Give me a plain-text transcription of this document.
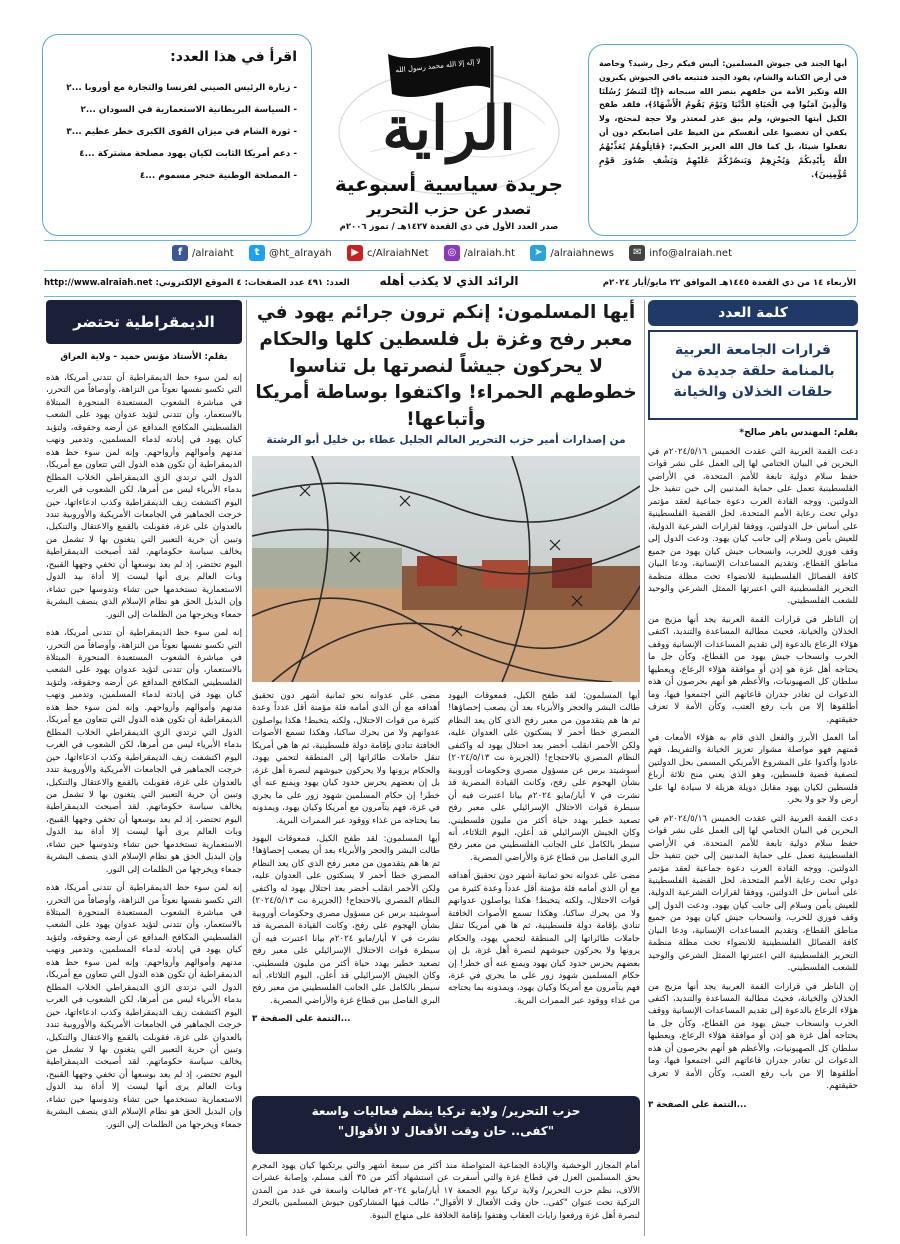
اقرأ في هذا العدد:
- زيارة الرئيس الصيني لفرنسا والتجارة مع أوروبا ...٢
- السياسة البريطانية الاستعمارية في السودان ...٢
- ثورة الشام في ميزان القوى الكبرى خطر عظيم ...٣
- دعم أمريكا الثابت لكيان يهود مصلحة مشتركة ...٤
- المصلحة الوطنية خنجر مسموم ...٤
لا إله إلا الله محمد رسول الله
الراية
جريدة سياسية أسبوعية
تصدر عن حزب التحرير
صدر العدد الأول في ذي القعدة ١٤٢٧هـ / تموز ٢٠٠٦م
أيها الجند في جيوش المسلمين: أليس فيكم رجل رشيد؟ وخاصة في أرض الكنانة والشام، يقود الجند فتتبعه باقي الجيوش يكبرون الله وتكبر الأمة من خلفهم بنصر الله سبحانه ﴿إِنَّا لَنَنصُرُ رُسُلَنَا وَالَّذِينَ آمَنُوا فِي الْحَيَاةِ الدُّنْيَا وَيَوْمَ يَقُومُ الْأَشْهَادُ﴾، فلقد طفح الكيل أيتها الجيوش، ولم يبق عذر لمعتذر ولا حجة لمحتج، ولا يكفي أن تغضبوا على أنفسكم من الغيظ على أصابعكم دون أن تفعلوا شيئا، بل كما قال الله العزيز الحكيم: ﴿قَاتِلُوهُمْ يُعَذِّبْهُمُ اللَّهُ بِأَيْدِيكُمْ وَيُخْزِهِمْ وَيَنصُرْكُمْ عَلَيْهِمْ وَيَشْفِ صُدُورَ قَوْمٍ مُّؤْمِنِينَ﴾.
f /alraiaht	t @ht_alrayah	▶ c/AlraiahNet	◎ /alraiah.ht	➤ /alraiahnews	✉ info@alraiah.net
الأربعاء ١٤ من ذي القعدة ١٤٤٥هـ الموافق ٢٢ مايو/أيار ٢٠٢٤م
الرائد الذي لا يكذب أهله
العدد: ٤٩١ عدد الصفحات: ٤ الموقع الإلكتروني: http://www.alraiah.net
كلمة العدد
قرارات الجامعة العربية بالمنامة حلقة جديدة من حلقات الخذلان والخيانة
بقلم: المهندس باهر صالح*

دعت القمة العربية التي عقدت الخميس ٢٠٢٤/٥/١٦م في البحرين في البيان الختامي لها إلى العمل على نشر قوات حفظ سلام دولية تابعة للأمم المتحدة، في الأراضي الفلسطينية تعمل على حماية المدنيين إلى حين تنفيذ حل الدولتين. ووجه القادة العرب دعوة جماعية لعقد مؤتمر دولي تحت رعاية الأمم المتحدة، لحل القضية الفلسطينية على أساس حل الدولتين، ووفقا لقرارات الشرعية الدولية، للعيش بأمن وسلام إلى جانب كيان يهود. ودعت الدول إلى وقف فوري للحرب، وانسحاب جيش كيان يهود من جميع مناطق القطاع، وتقديم المساعدات الإنسانية، ودعا البيان كافة الفصائل الفلسطينية للانضواء تحت مظلة منظمة التحرير الفلسطينية التي اعتبرتها الممثل الشرعي والوحيد للشعب الفلسطيني.

إن الناظر في قرارات القمة العربية يجد أنها مزيج من الخذلان والخيانة، فحيث مطالبة المساعدة والتنديد، اكتفى هؤلاء الرعاع بالدعوة إلى تقديم المساعدات الإنسانية ووقف الحرب وانسحاب جيش يهود من القطاع، وكأن جل ما يحتاجه أهل غزة هو إذن أو موافقة هؤلاء الرعاع، ويعطيها سلطان كل الصهيونيات، والأعظم هو أنهم بحرصون أن هذه الدعوات لن تغادر جدران قاعاتهم التي اجتمعوا فيها، وما أطلقوها إلا من باب رفع العتب، وكأن الأمة لا تعرف حقيقتهم.

أما العمل الأبرز والفعل الذي قام به هؤلاء الأمعات في قمتهم فهو مواصلة مشوار تعزيز الخيانة والتفريط، فهم عادوا وأكدوا على المشروع الأمريكي المسمى بحل الدولتين لتصفية قضية فلسطين، وهو الذي يعني منح ثلاثة أرباع فلسطين لكيان يهود مقابل دويلة هزيلة لا سيادة لها على أرض ولا جو ولا بحر.

دعت القمة العربية التي عقدت الخميس ٢٠٢٤/٥/١٦م في البحرين في البيان الختامي لها إلى العمل على نشر قوات حفظ سلام دولية تابعة للأمم المتحدة، في الأراضي الفلسطينية تعمل على حماية المدنيين إلى حين تنفيذ حل الدولتين. ووجه القادة العرب دعوة جماعية لعقد مؤتمر دولي تحت رعاية الأمم المتحدة، لحل القضية الفلسطينية على أساس حل الدولتين، ووفقا لقرارات الشرعية الدولية، للعيش بأمن وسلام إلى جانب كيان يهود. ودعت الدول إلى وقف فوري للحرب، وانسحاب جيش كيان يهود من جميع مناطق القطاع، وتقديم المساعدات الإنسانية، ودعا البيان كافة الفصائل الفلسطينية للانضواء تحت مظلة منظمة التحرير الفلسطينية التي اعتبرتها الممثل الشرعي والوحيد للشعب الفلسطيني.

إن الناظر في قرارات القمة العربية يجد أنها مزيج من الخذلان والخيانة، فحيث مطالبة المساعدة والتنديد، اكتفى هؤلاء الرعاع بالدعوة إلى تقديم المساعدات الإنسانية ووقف الحرب وانسحاب جيش يهود من القطاع، وكأن جل ما يحتاجه أهل غزة هو إذن أو موافقة هؤلاء الرعاع، ويعطيها سلطان كل الصهيونيات، والأعظم هو أنهم بحرصون أن هذه الدعوات لن تغادر جدران قاعاتهم التي اجتمعوا فيها، وما أطلقوها إلا من باب رفع العتب، وكأن الأمة لا تعرف حقيقتهم.

...التتمة على الصفحة ٣

أيها المسلمون: إنكم ترون جرائم يهود في معبر رفح وغزة بل فلسطين كلها والحكام لا يحركون جيشاً لنصرتها بل تناسوا خطوطهم الحمراء! واكتفوا بوساطة أمريكا وأتباعها!
من إصدارات أمير حزب التحرير العالم الجليل عطاء بن خليل أبو الرشتة

أيها المسلمون: لقد طفح الكيل، فمعوقات اليهود طالت البشر والحجر والأبرياء بعد أن يصعب إحصاؤها! ثم ها هم يتقدمون من معبر رفح الذي كان يعد النظام المصري خطا أحمر لا يسكتون على العدوان عليه، ولكن الأحمر انقلب أخضر بعد احتلال يهود له واكتفى النظام المصري بالاحتجاج! (الجزيرة نت ٢٠٢٤/٥/١٣) أسوشيتد برس عن مسؤول مصري وحكومات أوروبية بشأن الهجوم على رفح، وكانت القيادة المصرية قد نشرت في ٧ أيار/مايو ٢٠٢٤م بيانا اعتبرت فيه أن سيطرة قوات الاحتلال الإسرائيلي على معبر رفح تصعيد خطير يهدد حياة أكثر من مليون فلسطيني. وكان الجيش الإسرائيلي قد أعلن، اليوم الثلاثاء، أنه سيطر بالكامل على الجانب الفلسطيني من معبر رفح البري الفاصل بين قطاع غزة والأراضي المصرية.

مضى على عدوانه نحو ثمانية أشهر دون تحقيق أهدافه مع أن الذي أمامه فئة مؤمنة أقل عدداً وعدة كثيرة من قوات الاحتلال، ولكنه يتخبط! هكذا يواصلون عدوانهم ولا من يحرك ساكنا، وهكذا تسمع الأصوات الخافتة تنادي بإقامة دولة فلسطينية، ثم ها هي أمريكا تنقل حاملات طائراتها إلى المنطقة لتحمي يهود، والحكام يرونها ولا يحركون جيوشهم لنصرة أهل غزة، بل إن بعضهم يحرس حدود كيان يهود ويمنع عنه أي خطر! إن حكام المسلمين شهود زور على ما يجري في غزة، فهم يتآمرون مع أمريكا وكيان يهود، ويمدونه بما يحتاجه من غذاء ووقود عبر الممرات البرية.

مضى على عدوانه نحو ثمانية أشهر دون تحقيق أهدافه مع أن الذي أمامه فئة مؤمنة أقل عدداً وعدة كثيرة من قوات الاحتلال، ولكنه يتخبط! هكذا يواصلون عدوانهم ولا من يحرك ساكنا، وهكذا تسمع الأصوات الخافتة تنادي بإقامة دولة فلسطينية، ثم ها هي أمريكا تنقل حاملات طائراتها إلى المنطقة لتحمي يهود، والحكام يرونها ولا يحركون جيوشهم لنصرة أهل غزة، بل إن بعضهم يحرس حدود كيان يهود ويمنع عنه أي خطر! إن حكام المسلمين شهود زور على ما يجري في غزة، فهم يتآمرون مع أمريكا وكيان يهود، ويمدونه بما يحتاجه من غذاء ووقود عبر الممرات البرية.

أيها المسلمون: لقد طفح الكيل، فمعوقات اليهود طالت البشر والحجر والأبرياء بعد أن يصعب إحصاؤها! ثم ها هم يتقدمون من معبر رفح الذي كان يعد النظام المصري خطا أحمر لا يسكتون على العدوان عليه، ولكن الأحمر انقلب أخضر بعد احتلال يهود له واكتفى النظام المصري بالاحتجاج! (الجزيرة نت ٢٠٢٤/٥/١٣) أسوشيتد برس عن مسؤول مصري وحكومات أوروبية بشأن الهجوم على رفح، وكانت القيادة المصرية قد نشرت في ٧ أيار/مايو ٢٠٢٤م بيانا اعتبرت فيه أن سيطرة قوات الاحتلال الإسرائيلي على معبر رفح تصعيد خطير يهدد حياة أكثر من مليون فلسطيني. وكان الجيش الإسرائيلي قد أعلن، اليوم الثلاثاء، أنه سيطر بالكامل على الجانب الفلسطيني من معبر رفح البري الفاصل بين قطاع غزة والأراضي المصرية.

...التتمة على الصفحة ٣

حزب التحرير/ ولاية تركيا ينظم فعاليات واسعة
"كفى.. حان وقت الأفعال لا الأقوال"
أمام المجازر الوحشية والإبادة الجماعية المتواصلة منذ أكثر من سبعة أشهر والتي يرتكبها كيان يهود المجرم بحق المسلمين العزل في قطاع غزة والتي أسفرت عن استشهاد أكثر من ٣٥ ألف مسلم، وإصابة عشرات الآلاف، نظم حزب التحرير/ ولاية تركيا يوم الجمعة ١٧ أيار/مايو ٢٠٢٤م فعاليات واسعة في عدد من المدن التركية تحت عنوان "كفى.. حان وقت الأفعال لا الأقوال"، طالب فيها المشاركون جيوش المسلمين بالتحرك لنصرة أهل غزة ورفعوا رايات العقاب وهتفوا بإقامة الخلافة على منهاج النبوة.
الديمقراطية تحتضر
بقلم: الأستاذ مؤنس حميد - ولاية العراق

إنه لمن سوء حظ الديمقراطية أن تتدنى أمريكا، هذه التي تكسو نفسها نعوتاً من النزاهة، وأوصافاً من التحرر، في مباشرة الشعوب المستعبدة المنحورة المبتلاة بالاستعمار، وأن تتدنى لتؤيد عدوان يهود على الشعب الفلسطيني المكافح المدافع عن أرضه وحقوقه، ولتؤيد كيان يهود في إبادته لدماء المسلمين، وتدمير ونهب مدنهم وأموالهم وأرواحهم. وإنه لمن سوء حظ هذه الديمقراطية أن تكون هذه الدول التي تتعاون مع أمريكا، الدول التي ترتدي الزي الديمقراطي الخلاب المطلخ بدماء الأبرياء ليس من أمرها، لكن الشعوب في الغرب اليوم اكتشفت زيف الديمقراطية وكذب ادعاءاتها، حين خرجت الجماهير في الجامعات الأمريكية والأوروبية تندد بالعدوان على غزة، فقوبلت بالقمع والاعتقال والتنكيل، وتبين أن حرية التعبير التي يتغنون بها لا تشمل من يخالف سياسة حكوماتهم. لقد أصبحت الديمقراطية اليوم تحتضر، إذ لم يعد بوسعها أن تخفي وجهها القبيح، وبات العالم يرى أنها ليست إلا أداة بيد الدول الاستعمارية تستخدمها حين تشاء وتدوسها حين تشاء، وإن البديل الحق هو نظام الإسلام الذي ينصف البشرية جمعاء ويخرجها من الظلمات إلى النور.

إنه لمن سوء حظ الديمقراطية أن تتدنى أمريكا، هذه التي تكسو نفسها نعوتاً من النزاهة، وأوصافاً من التحرر، في مباشرة الشعوب المستعبدة المنحورة المبتلاة بالاستعمار، وأن تتدنى لتؤيد عدوان يهود على الشعب الفلسطيني المكافح المدافع عن أرضه وحقوقه، ولتؤيد كيان يهود في إبادته لدماء المسلمين، وتدمير ونهب مدنهم وأموالهم وأرواحهم. وإنه لمن سوء حظ هذه الديمقراطية أن تكون هذه الدول التي تتعاون مع أمريكا، الدول التي ترتدي الزي الديمقراطي الخلاب المطلخ بدماء الأبرياء ليس من أمرها، لكن الشعوب في الغرب اليوم اكتشفت زيف الديمقراطية وكذب ادعاءاتها، حين خرجت الجماهير في الجامعات الأمريكية والأوروبية تندد بالعدوان على غزة، فقوبلت بالقمع والاعتقال والتنكيل، وتبين أن حرية التعبير التي يتغنون بها لا تشمل من يخالف سياسة حكوماتهم. لقد أصبحت الديمقراطية اليوم تحتضر، إذ لم يعد بوسعها أن تخفي وجهها القبيح، وبات العالم يرى أنها ليست إلا أداة بيد الدول الاستعمارية تستخدمها حين تشاء وتدوسها حين تشاء، وإن البديل الحق هو نظام الإسلام الذي ينصف البشرية جمعاء ويخرجها من الظلمات إلى النور.

إنه لمن سوء حظ الديمقراطية أن تتدنى أمريكا، هذه التي تكسو نفسها نعوتاً من النزاهة، وأوصافاً من التحرر، في مباشرة الشعوب المستعبدة المنحورة المبتلاة بالاستعمار، وأن تتدنى لتؤيد عدوان يهود على الشعب الفلسطيني المكافح المدافع عن أرضه وحقوقه، ولتؤيد كيان يهود في إبادته لدماء المسلمين، وتدمير ونهب مدنهم وأموالهم وأرواحهم. وإنه لمن سوء حظ هذه الديمقراطية أن تكون هذه الدول التي تتعاون مع أمريكا، الدول التي ترتدي الزي الديمقراطي الخلاب المطلخ بدماء الأبرياء ليس من أمرها، لكن الشعوب في الغرب اليوم اكتشفت زيف الديمقراطية وكذب ادعاءاتها، حين خرجت الجماهير في الجامعات الأمريكية والأوروبية تندد بالعدوان على غزة، فقوبلت بالقمع والاعتقال والتنكيل، وتبين أن حرية التعبير التي يتغنون بها لا تشمل من يخالف سياسة حكوماتهم. لقد أصبحت الديمقراطية اليوم تحتضر، إذ لم يعد بوسعها أن تخفي وجهها القبيح، وبات العالم يرى أنها ليست إلا أداة بيد الدول الاستعمارية تستخدمها حين تشاء وتدوسها حين تشاء، وإن البديل الحق هو نظام الإسلام الذي ينصف البشرية جمعاء ويخرجها من الظلمات إلى النور.
